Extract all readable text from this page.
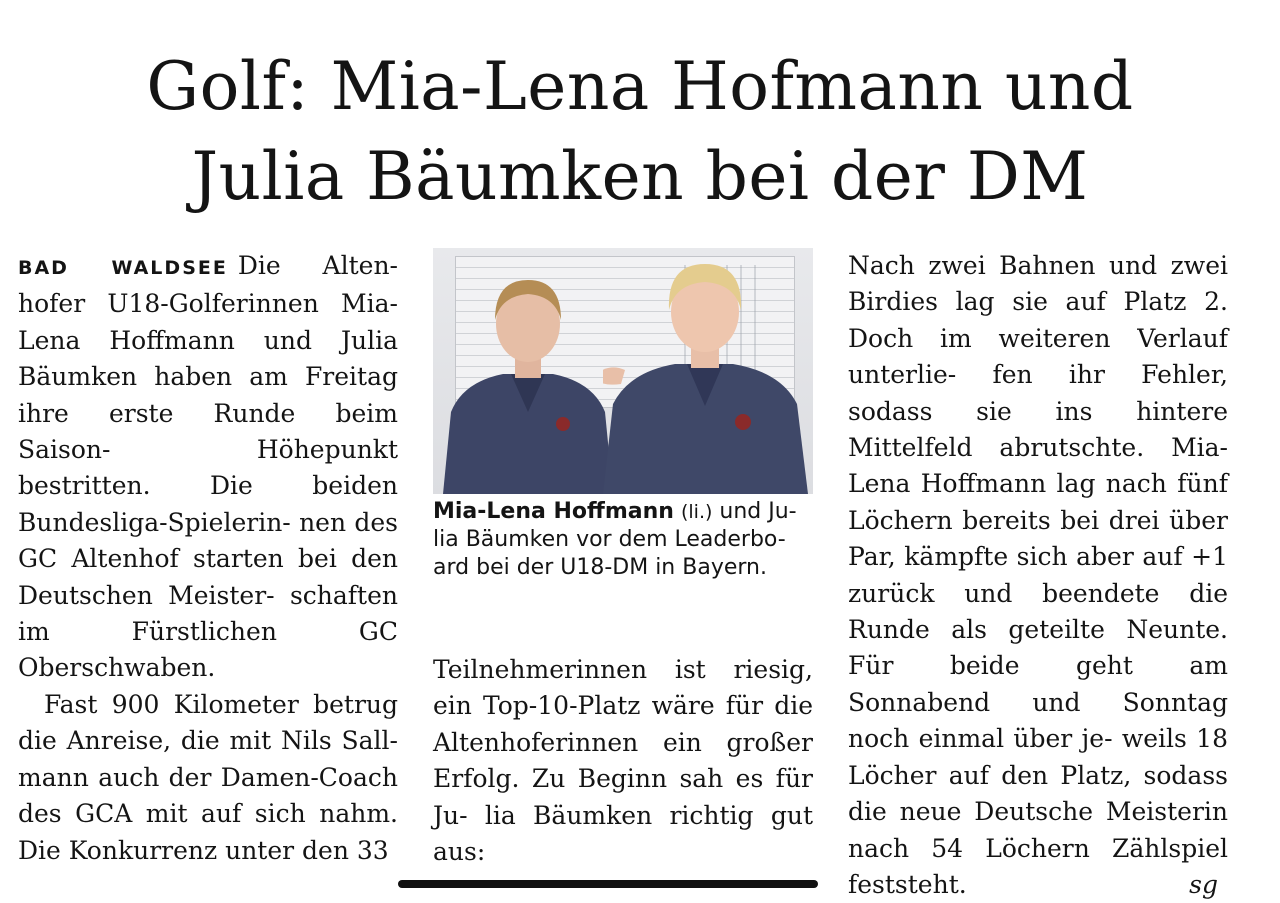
Golf: Mia-Lena Hofmann und
Julia Bäumken bei der DM

BAD WALDSEE Die Alten- hofer U18-Golferinnen Mia- Lena Hoffmann und Julia Bäumken haben am Freitag ihre erste Runde beim Saison-	Höhepunkt bestritten. Die beiden Bundesliga-Spielerin- nen des GC Altenhof starten bei den Deutschen Meister- schaften im Fürstlichen GC Oberschwaben.

Fast 900 Kilometer betrug die Anreise, die mit Nils Sall- mann auch der Damen-Coach des GCA mit auf sich nahm. Die Konkurrenz unter den 33

Mia-Lena Hoffmann (li.) und Ju-
lia Bäumken vor dem Leaderbo-
ard bei der U18-DM in Bayern.

Teilnehmerinnen ist riesig, ein Top-10-Platz wäre für die Altenhoferinnen ein großer Erfolg. Zu Beginn sah es für Ju- lia Bäumken richtig gut aus:

Nach zwei Bahnen und zwei Birdies lag sie auf Platz 2. Doch im weiteren Verlauf unterlie- fen ihr Fehler, sodass sie ins hintere Mittelfeld abrutschte. Mia-Lena Hoffmann lag nach fünf Löchern bereits bei drei über Par, kämpfte sich aber auf +1 zurück und beendete die Runde als geteilte Neunte. Für beide geht am Sonnabend und Sonntag noch einmal über je- weils 18 Löcher auf den Platz, sodass die neue Deutsche Meisterin nach 54 Löchern Zählspiel feststeht.	sg
